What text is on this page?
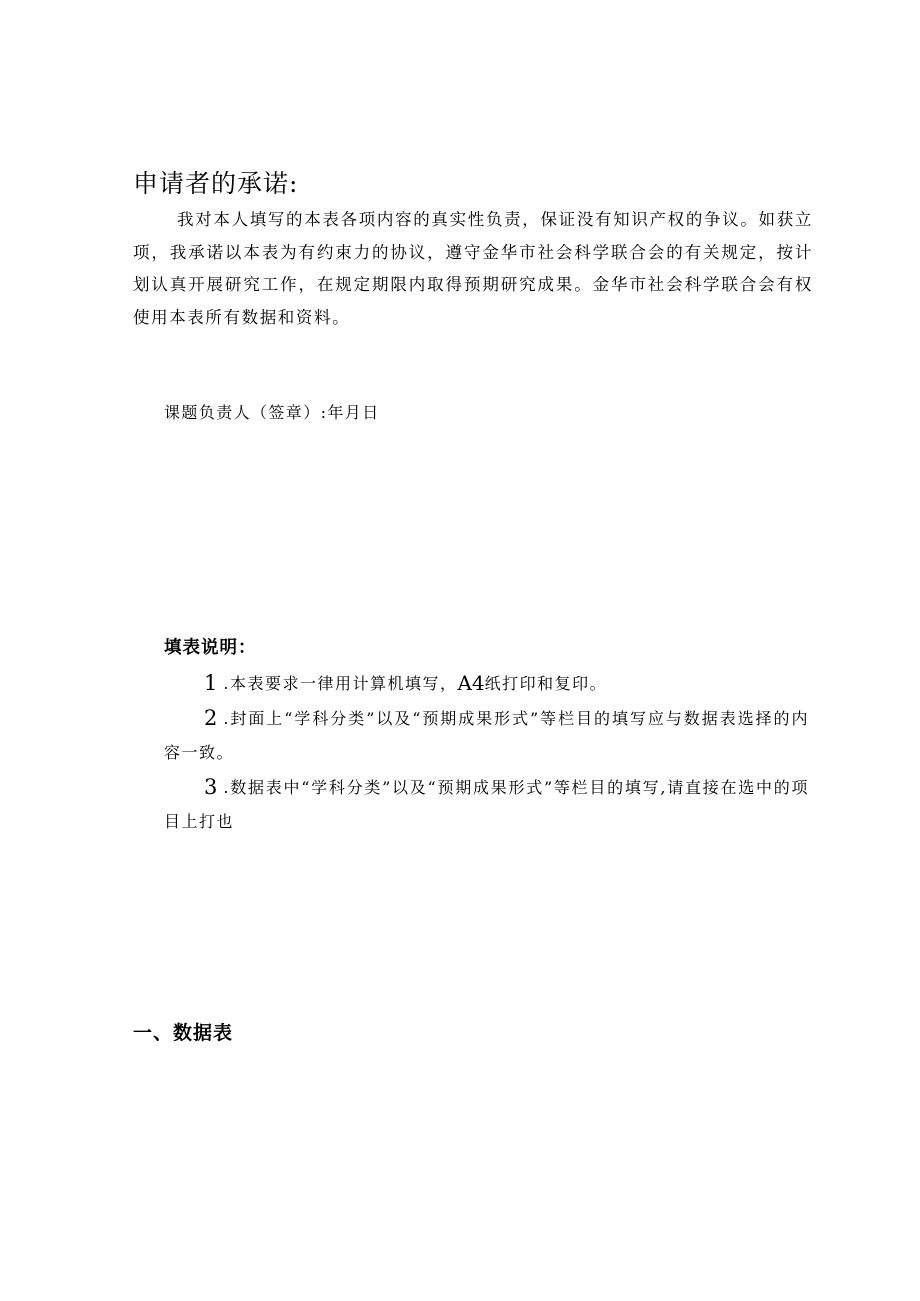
申请者的承诺:

我对本人填写的本表各项内容的真实性负责，保证没有知识产权的争议。如获立项，我承诺以本表为有约束力的协议，遵守金华市社会科学联合会的有关规定，按计划认真开展研究工作，在规定期限内取得预期研究成果。金华市社会科学联合会有权使用本表所有数据和资料。

课题负责人（签章）:年月日
填表说明：

1 .本表要求一律用计算机填写，A4纸打印和复印。

2 .封面上“学科分类”以及“预期成果形式”等栏目的填写应与数据表选择的内容一致。

3 .数据表中“学科分类”以及“预期成果形式”等栏目的填写,请直接在选中的项目上打也

一、数据表
